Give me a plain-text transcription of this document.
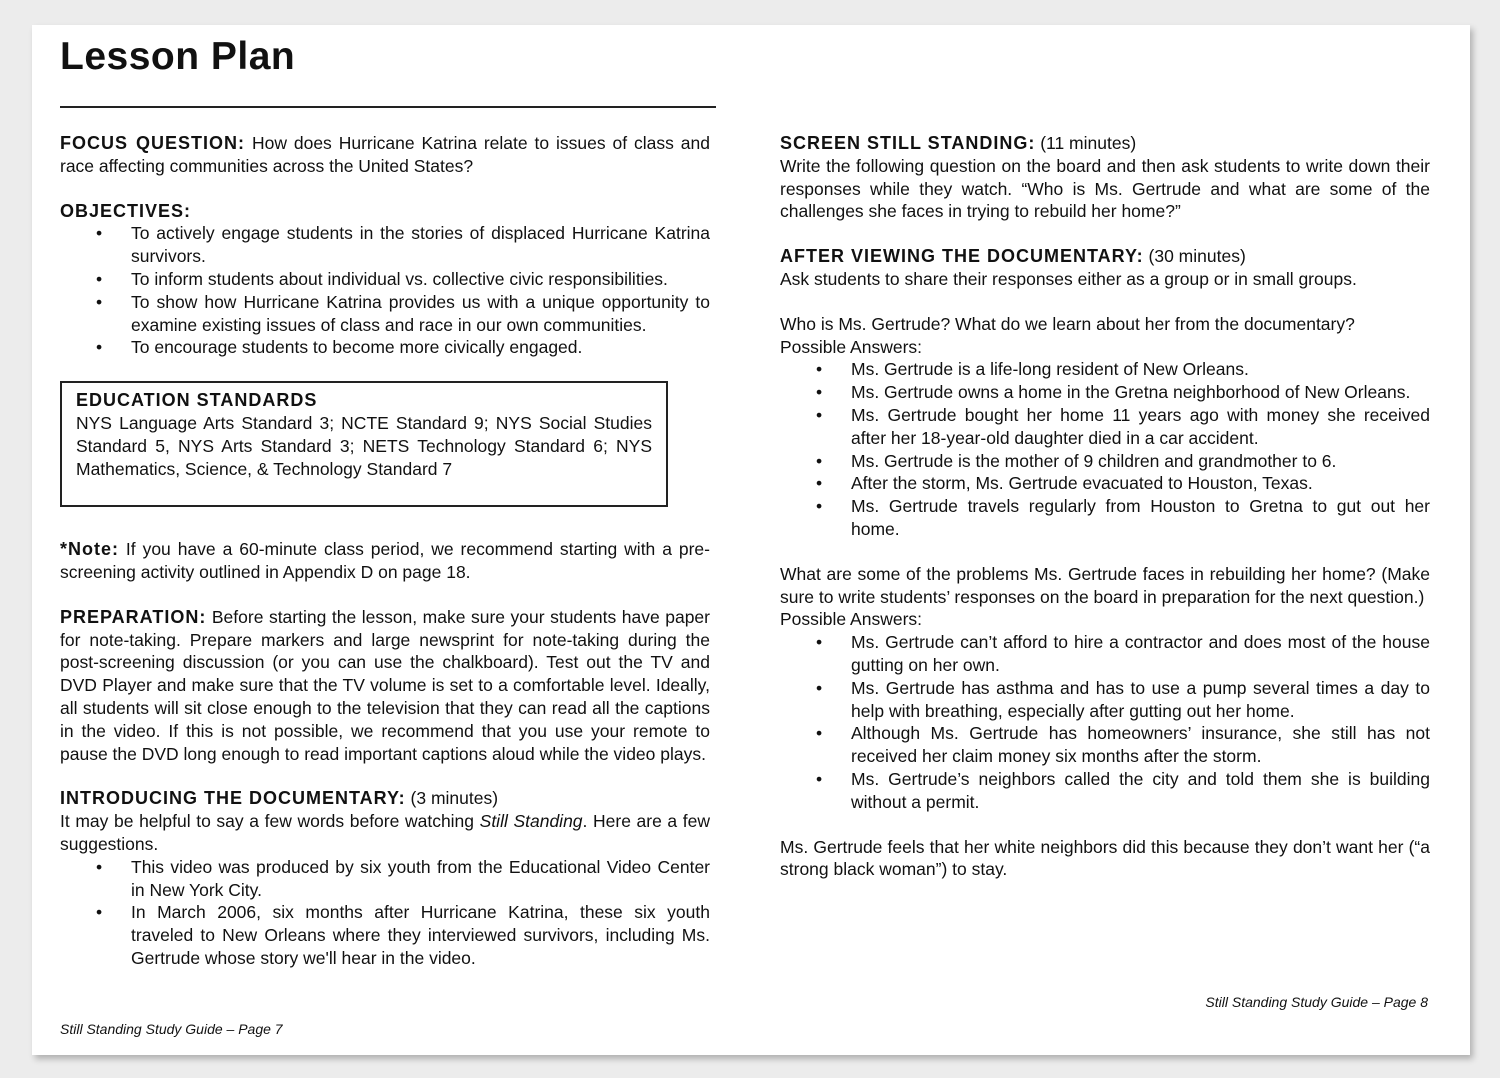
Lesson Plan

FOCUS QUESTION: How does Hurricane Katrina relate to issues of class and race affecting communities across the United States?

OBJECTIVES:

• To actively engage students in the stories of displaced Hurricane Katrina survivors.
• To inform students about individual vs. collective civic responsibilities.
• To show how Hurricane Katrina provides us with a unique opportunity to examine existing issues of class and race in our own communities.
• To encourage students to become more civically engaged.
EDUCATION STANDARDS

NYS Language Arts Standard 3; NCTE Standard 9; NYS Social Studies Standard 5, NYS Arts Standard 3; NETS Technology Standard 6; NYS Mathematics, Science, & Technology Standard 7

*Note: If you have a 60-minute class period, we recommend starting with a pre-screening activity outlined in Appendix D on page 18.

PREPARATION: Before starting the lesson, make sure your students have paper for note-taking. Prepare markers and large newsprint for note-taking during the post-screening discussion (or you can use the chalkboard). Test out the TV and DVD Player and make sure that the TV volume is set to a comfortable level. Ideally, all students will sit close enough to the television that they can read all the captions in the video. If this is not possible, we recommend that you use your remote to pause the DVD long enough to read important captions aloud while the video plays.

INTRODUCING THE DOCUMENTARY: (3 minutes)

It may be helpful to say a few words before watching Still Standing. Here are a few suggestions.

• This video was produced by six youth from the Educational Video Center in New York City.
• In March 2006, six months after Hurricane Katrina, these six youth traveled to New Orleans where they interviewed survivors, including Ms. Gertrude whose story we'll hear in the video.
Still Standing Study Guide – Page 7

SCREEN STILL STANDING: (11 minutes)

Write the following question on the board and then ask students to write down their responses while they watch. “Who is Ms. Gertrude and what are some of the challenges she faces in trying to rebuild her home?”

AFTER VIEWING THE DOCUMENTARY: (30 minutes)

Ask students to share their responses either as a group or in small groups.

Who is Ms. Gertrude? What do we learn about her from the documentary?

Possible Answers:

• Ms. Gertrude is a life-long resident of New Orleans.
• Ms. Gertrude owns a home in the Gretna neighborhood of New Orleans.
• Ms. Gertrude bought her home 11 years ago with money she received after her 18-year-old daughter died in a car accident.
• Ms. Gertrude is the mother of 9 children and grandmother to 6.
• After the storm, Ms. Gertrude evacuated to Houston, Texas.
• Ms. Gertrude travels regularly from Houston to Gretna to gut out her home.

What are some of the problems Ms. Gertrude faces in rebuilding her home? (Make sure to write students’ responses on the board in preparation for the next question.)

Possible Answers:

• Ms. Gertrude can’t afford to hire a contractor and does most of the house gutting on her own.
• Ms. Gertrude has asthma and has to use a pump several times a day to help with breathing, especially after gutting out her home.
• Although Ms. Gertrude has homeowners’ insurance, she still has not received her claim money six months after the storm.
• Ms. Gertrude’s neighbors called the city and told them she is building without a permit.

Ms. Gertrude feels that her white neighbors did this because they don’t want her (“a strong black woman”) to stay.

Still Standing Study Guide – Page 8
